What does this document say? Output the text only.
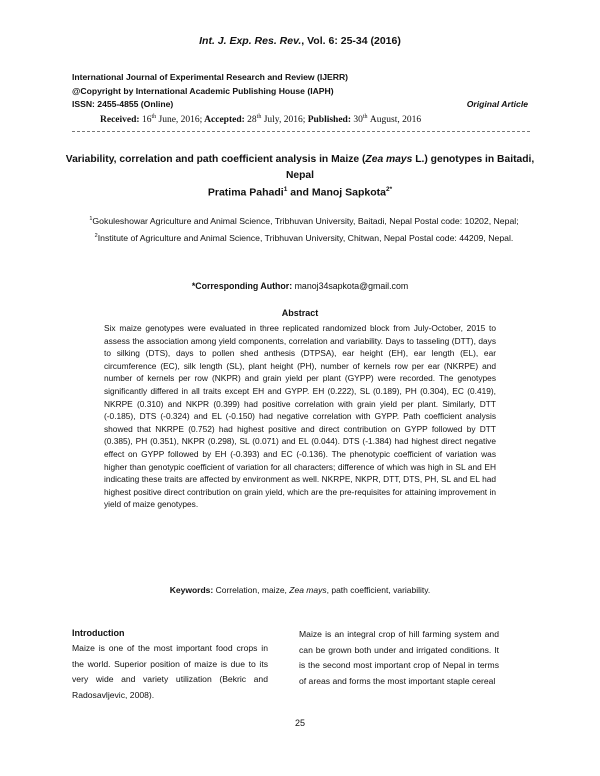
Int. J. Exp. Res. Rev., Vol. 6: 25-34 (2016)
International Journal of Experimental Research and Review (IJERR)
@Copyright by International Academic Publishing House (IAPH)
ISSN: 2455-4855 (Online)	Original Article
Received: 16th June, 2016; Accepted: 28th July, 2016; Published: 30th August, 2016
Variability, correlation and path coefficient analysis in Maize (Zea mays L.) genotypes in Baitadi, Nepal
Pratima Pahadi$^1$ and Manoj Sapkota$^{2*}$
$^1$Gokuleshowar Agriculture and Animal Science, Tribhuvan University, Baitadi, Nepal Postal code: 10202, Nepal; $^2$Institute of Agriculture and Animal Science, Tribhuvan University, Chitwan, Nepal Postal code: 44209, Nepal.
*Corresponding Author: manoj34sapkota@gmail.com
Abstract
Six maize genotypes were evaluated in three replicated randomized block from July-October, 2015 to assess the association among yield components, correlation and variability. Days to tasseling (DTT), days to silking (DTS), days to pollen shed anthesis (DTPSA), ear height (EH), ear length (EL), ear circumference (EC), silk length (SL), plant height (PH), number of kernels row per ear (NKRPE) and number of kernels per row (NKPR) and grain yield per plant (GYPP) were recorded. The genotypes significantly differed in all traits except EH and GYPP. EH (0.222), SL (0.189), PH (0.304), EC (0.419), NKRPE (0.310) and NKPR (0.399) had positive correlation with grain yield per plant. Similarly, DTT (-0.185), DTS (-0.324) and EL (-0.150) had negative correlation with GYPP. Path coefficient analysis showed that NKRPE (0.752) had highest positive and direct contribution on GYPP followed by DTT (0.385), PH (0.351), NKPR (0.298), SL (0.071) and EL (0.044). DTS (-1.384) had highest direct negative effect on GYPP followed by EH (-0.393) and EC (-0.136). The phenotypic coefficient of variation was higher than genotypic coefficient of variation for all characters; difference of which was high in SL and EH indicating these traits are affected by environment as well. NKRPE, NKPR, DTT, DTS, PH, SL and EL had highest positive direct contribution on grain yield, which are the pre-requisites for attaining improvement in yield of maize genotypes.
Keywords: Correlation, maize, Zea mays, path coefficient, variability.
Introduction
Maize is one of the most important food crops in the world. Superior position of maize is due to its very wide and variety utilization (Bekric and Radosavljevic, 2008).
Maize is an integral crop of hill farming system and can be grown both under and irrigated conditions. It is the second most important crop of Nepal in terms of areas and forms the most important staple cereal
25
